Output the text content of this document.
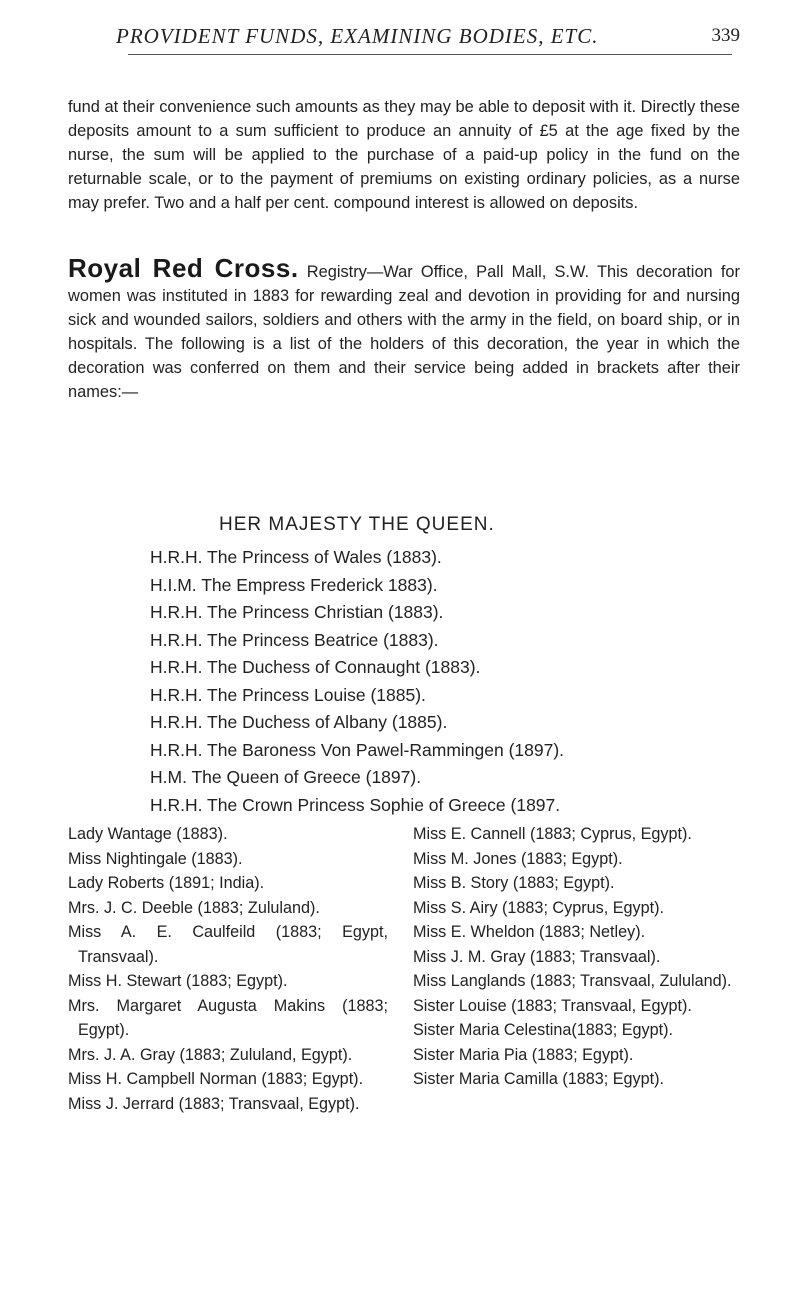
PROVIDENT FUNDS, EXAMINING BODIES, ETC.	339

fund at their convenience such amounts as they may be able to deposit with it. Directly these deposits amount to a sum sufficient to produce an annuity of £5 at the age fixed by the nurse, the sum will be applied to the purchase of a paid-up policy in the fund on the returnable scale, or to the payment of premiums on existing ordinary policies, as a nurse may prefer. Two and a half per cent. compound interest is allowed on deposits.

Royal Red Cross. Registry—War Office, Pall Mall, S.W. This decoration for women was instituted in 1883 for rewarding zeal and devotion in providing for and nursing sick and wounded sailors, soldiers and others with the army in the field, on board ship, or in hospitals. The following is a list of the holders of this decoration, the year in which the decoration was conferred on them and their service being added in brackets after their names:—

HER MAJESTY THE QUEEN.
H.R.H. The Princess of Wales (1883).
H.I.M. The Empress Frederick 1883).
H.R.H. The Princess Christian (1883).
H.R.H. The Princess Beatrice (1883).
H.R.H. The Duchess of Connaught (1883).
H.R.H. The Princess Louise (1885).
H.R.H. The Duchess of Albany (1885).
H.R.H. The Baroness Von Pawel-Rammingen (1897).
H.M. The Queen of Greece (1897).
H.R.H. The Crown Princess Sophie of Greece (1897.
Lady Wantage (1883).
Miss Nightingale (1883).
Lady Roberts (1891; India).
Mrs. J. C. Deeble (1883; Zululand).
Miss A. E. Caulfeild (1883; Egypt, Transvaal).
Miss H. Stewart (1883; Egypt).
Mrs. Margaret Augusta Makins (1883; Egypt).
Mrs. J. A. Gray (1883; Zululand, Egypt).
Miss H. Campbell Norman (1883; Egypt).
Miss J. Jerrard (1883; Transvaal, Egypt).
Miss E. Cannell (1883; Cyprus, Egypt).
Miss M. Jones (1883; Egypt).
Miss B. Story (1883; Egypt).
Miss S. Airy (1883; Cyprus, Egypt).
Miss E. Wheldon (1883; Netley).
Miss J. M. Gray (1883; Transvaal).
Miss Langlands (1883; Transvaal, Zululand).
Sister Louise (1883; Transvaal, Egypt).
Sister Maria Celestina(1883; Egypt).
Sister Maria Pia (1883; Egypt).
Sister Maria Camilla (1883; Egypt).
